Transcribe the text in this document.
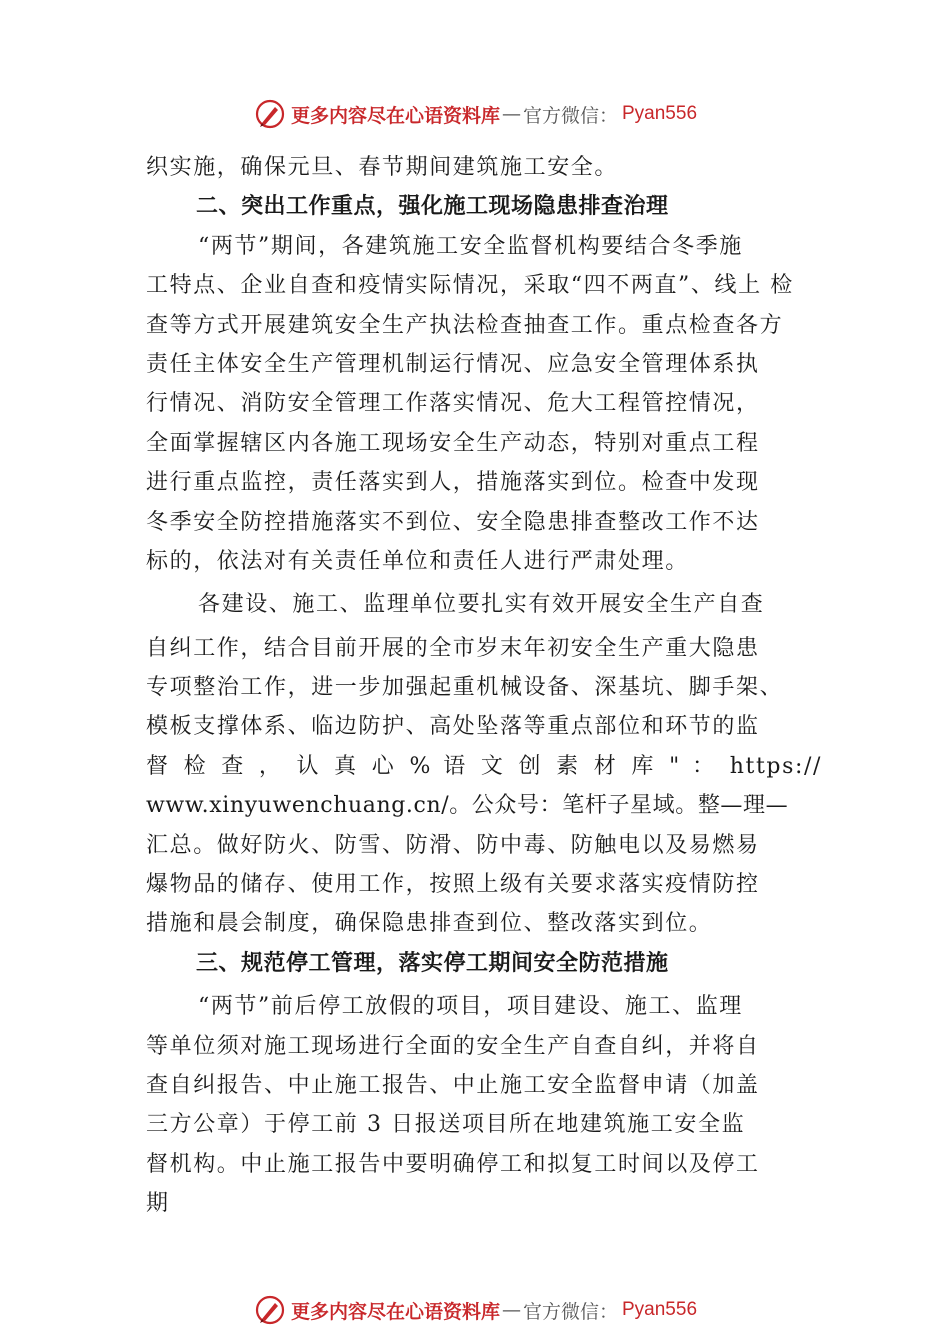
更多内容尽在心语资料库 — 官方微信： Pyan556
织实施，确保元旦、春节期间建筑施工安全。
二、突出工作重点，强化施工现场隐患排查治理
“两节”期间，各建筑施工安全监督机构要结合冬季施
工特点、企业自查和疫情实际情况，采取“四不两直”、线上 检
查等方式开展建筑安全生产执法检查抽查工作。重点检查各方
责任主体安全生产管理机制运行情况、应急安全管理体系执
行情况、消防安全管理工作落实情况、危大工程管控情况，
全面掌握辖区内各施工现场安全生产动态，特别对重点工程
进行重点监控，责任落实到人，措施落实到位。检查中发现
冬季安全防控措施落实不到位、安全隐患排查整改工作不达
标的，依法对有关责任单位和责任人进行严肃处理。
各建设、施工、监理单位要扎实有效开展安全生产自查
自纠工作，结合目前开展的全市岁末年初安全生产重大隐患
专项整治工作，进一步加强起重机械设备、深基坑、脚手架、
模板支撑体系、临边防护、高处坠落等重点部位和环节的监
督 检 查 ， 认 真 心 % 语 文 创 素 材 库 " ： https://
www.xinyuwenchuang.cn/。公众号：笔杆子星域。整—理—
汇总。做好防火、防雪、防滑、防中毒、防触电以及易燃易
爆物品的储存、使用工作，按照上级有关要求落实疫情防控
措施和晨会制度，确保隐患排查到位、整改落实到位。
三、规范停工管理，落实停工期间安全防范措施
“两节”前后停工放假的项目，项目建设、施工、监理
等单位须对施工现场进行全面的安全生产自查自纠，并将自
查自纠报告、中止施工报告、中止施工安全监督申请（加盖
三方公章）于停工前 3 日报送项目所在地建筑施工安全监
督机构。中止施工报告中要明确停工和拟复工时间以及停工
期
更多内容尽在心语资料库 — 官方微信： Pyan556
